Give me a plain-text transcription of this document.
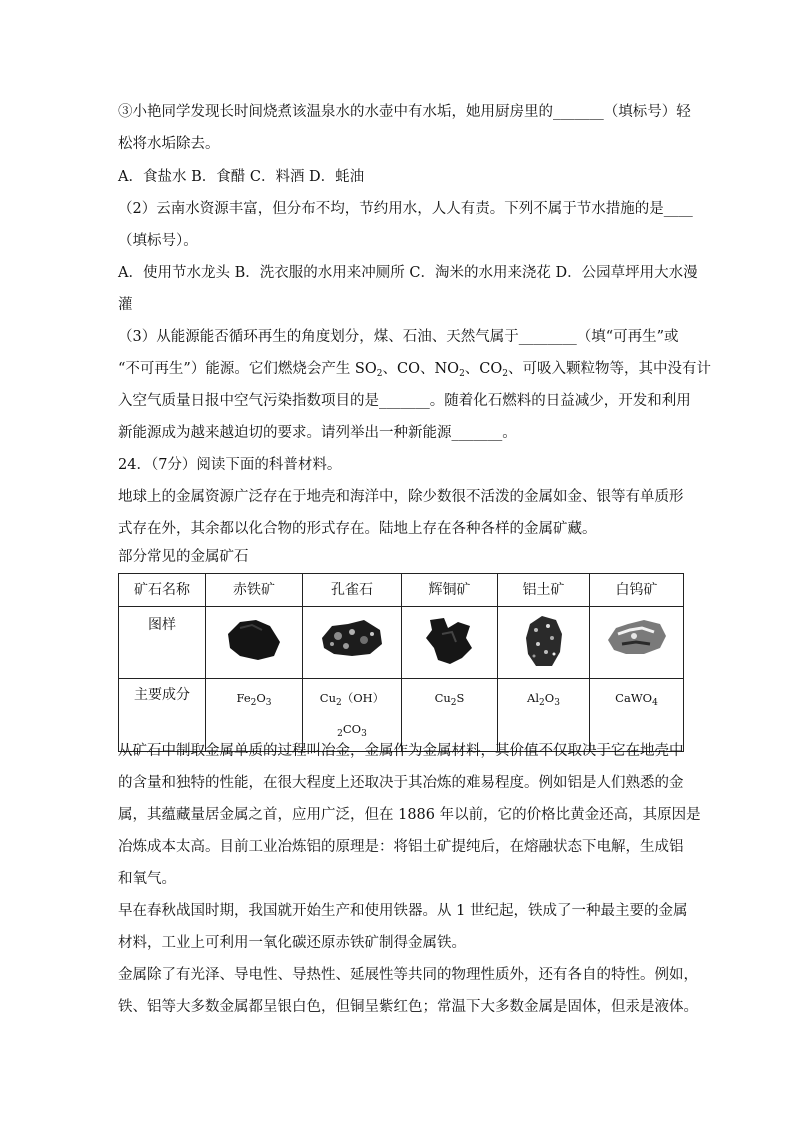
③小艳同学发现长时间烧煮该温泉水的水壶中有水垢，她用厨房里的_______（填标号）轻
松将水垢除去。
A．食盐水 B．食醋 C．料酒 D．蚝油
（2）云南水资源丰富，但分布不均，节约用水，人人有责。下列不属于节水措施的是____
（填标号）。
A．使用节水龙头 B．洗衣服的水用来冲厕所 C．淘米的水用来浇花 D．公园草坪用大水漫
灌
（3）从能源能否循环再生的角度划分，煤、石油、天然气属于________（填“可再生”或
“不可再生”）能源。它们燃烧会产生 $SO_2$、CO、$NO_2$、$CO_2$、可吸入颗粒物等，其中没有计
入空气质量日报中空气污染指数项目的是_______。随着化石燃料的日益减少，开发和利用
新能源成为越来越迫切的要求。请列举出一种新能源_______。
24．（7分）阅读下面的科普材料。
地球上的金属资源广泛存在于地壳和海洋中，除少数很不活泼的金属如金、银等有单质形
式存在外，其余都以化合物的形式存在。陆地上存在各种各样的金属矿藏。
部分常见的金属矿石
矿石名称	赤铁矿	孔雀石	辉铜矿	铝土矿	白钨矿
图样	

主要成分	$Fe_2O_3$	$Cu_2(OH)$
$_2CO_3$	$Cu_2S$	$Al_2O_3$	CaWO$_4$
从矿石中制取金属单质的过程叫冶金，金属作为金属材料，其价值不仅取决于它在地壳中
的含量和独特的性能，在很大程度上还取决于其冶炼的难易程度。例如铝是人们熟悉的金
属，其蕴藏量居金属之首，应用广泛，但在 1886 年以前，它的价格比黄金还高，其原因是
冶炼成本太高。目前工业冶炼铝的原理是：将铝土矿提纯后，在熔融状态下电解，生成铝
和氧气。
早在春秋战国时期，我国就开始生产和使用铁器。从 1 世纪起，铁成了一种最主要的金属
材料，工业上可利用一氧化碳还原赤铁矿制得金属铁。
金属除了有光泽、导电性、导热性、延展性等共同的物理性质外，还有各自的特性。例如，
铁、铝等大多数金属都呈银白色，但铜呈紫红色；常温下大多数金属是固体，但汞是液体。
